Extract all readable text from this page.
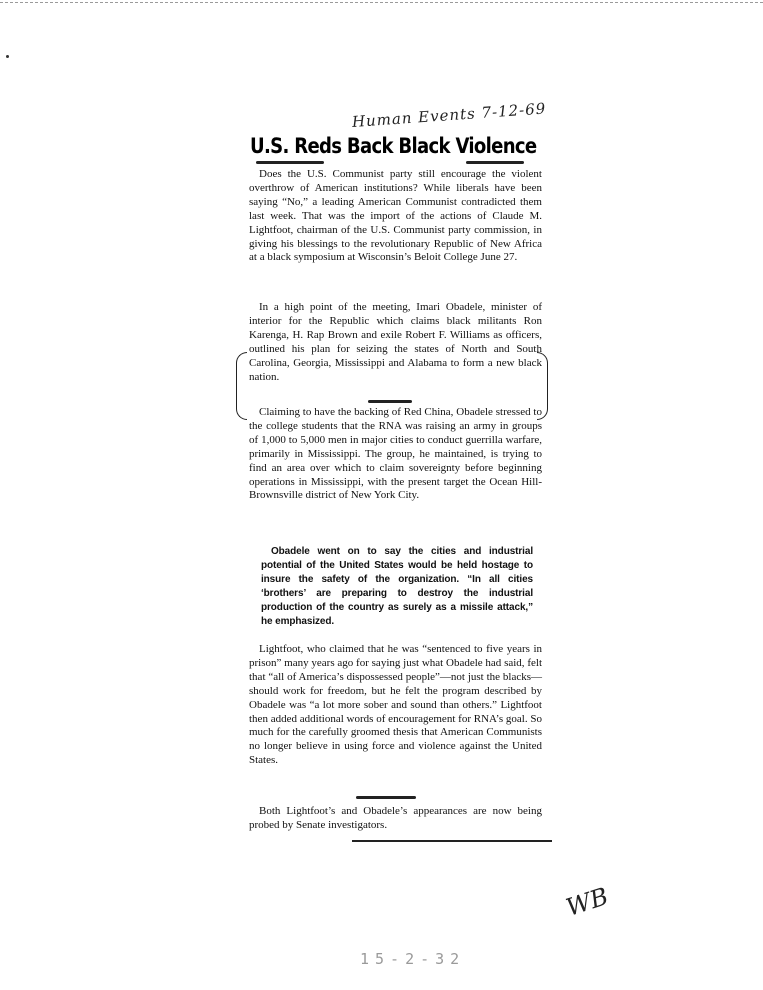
Human Events 7-12-69
U.S. Reds Back Black Violence

Does the U.S. Communist party still encourage the violent overthrow of American institutions? While liberals have been saying “No,” a leading American Communist contradicted them last week. That was the import of the actions of Claude M. Lightfoot, chairman of the U.S. Communist party commission, in giving his blessings to the revolutionary Republic of New Africa at a black symposium at Wisconsin’s Beloit College June 27.

In a high point of the meeting, Imari Obadele, minister of interior for the Republic which claims black militants Ron Karenga, H. Rap Brown and exile Robert F. Williams as officers, outlined his plan for seizing the states of North and South Carolina, Georgia, Mississippi and Alabama to form a new black nation.

Claiming to have the backing of Red China, Obadele stressed to the college students that the RNA was raising an army in groups of 1,000 to 5,000 men in major cities to conduct guerrilla warfare, primarily in Mississippi. The group, he maintained, is trying to find an area over which to claim sovereignty before beginning operations in Mississippi, with the present target the Ocean Hill-Brownsville district of New York City.

Obadele went on to say the cities and industrial potential of the United States would be held hostage to insure the safety of the organization. “In all cities ‘brothers’ are preparing to destroy the industrial production of the country as surely as a missile attack,” he emphasized.

Lightfoot, who claimed that he was “sentenced to five years in prison” many years ago for saying just what Obadele had said, felt that “all of America’s dispossessed people”—not just the blacks—should work for freedom, but he felt the program described by Obadele was “a lot more sober and sound than others.” Lightfoot then added additional words of encouragement for RNA’s goal. So much for the carefully groomed thesis that American Communists no longer believe in using force and violence against the United States.

Both Lightfoot’s and Obadele’s appearances are now being probed by Senate investigators.

WB
15-2-32
